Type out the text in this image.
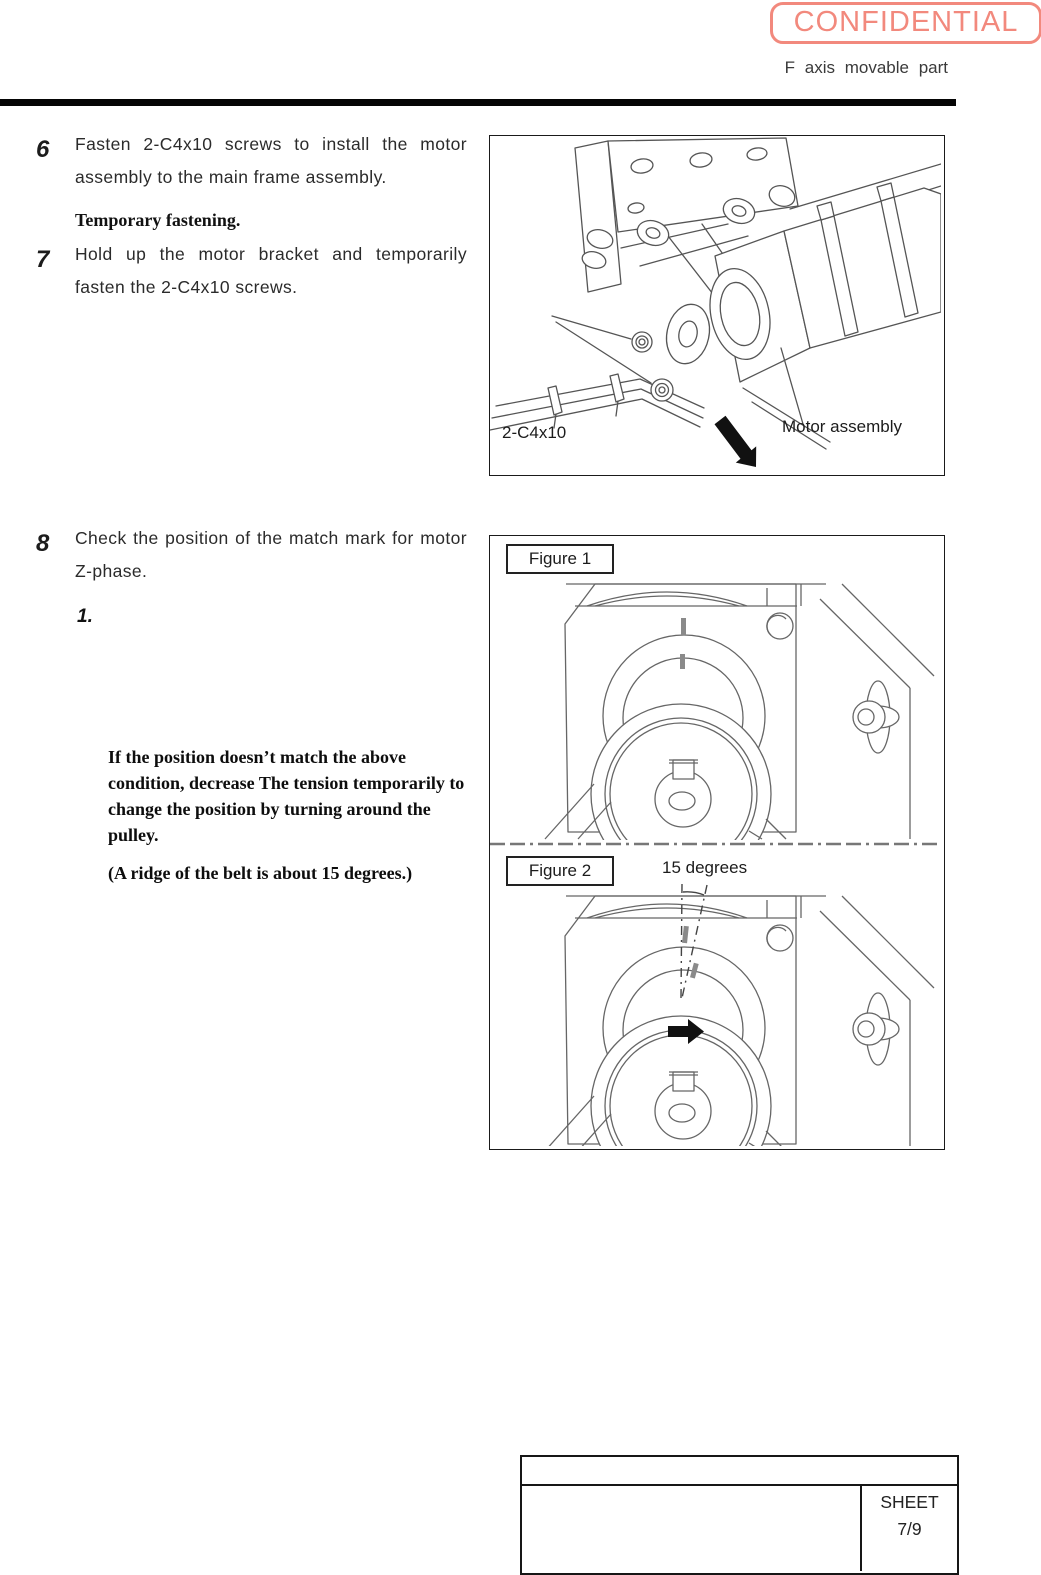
CONFIDENTIAL
F axis movable part
6	Fasten 2-C4x10 screws to install the motor assembly to the main frame assembly.
Temporary fastening.
7	Hold up the motor bracket and temporarily fasten the 2-C4x10 screws.
8	Check the position of the match mark for motor Z-phase.
1.
If the position doesn’t match the above condition, decrease The tension temporarily to change the position by turning around the pulley.
(A ridge of the belt is about 15 degrees.)
2-C4x10	Motor assembly
Figure 1
Figure 2	15 degrees
SHEET
7/9
